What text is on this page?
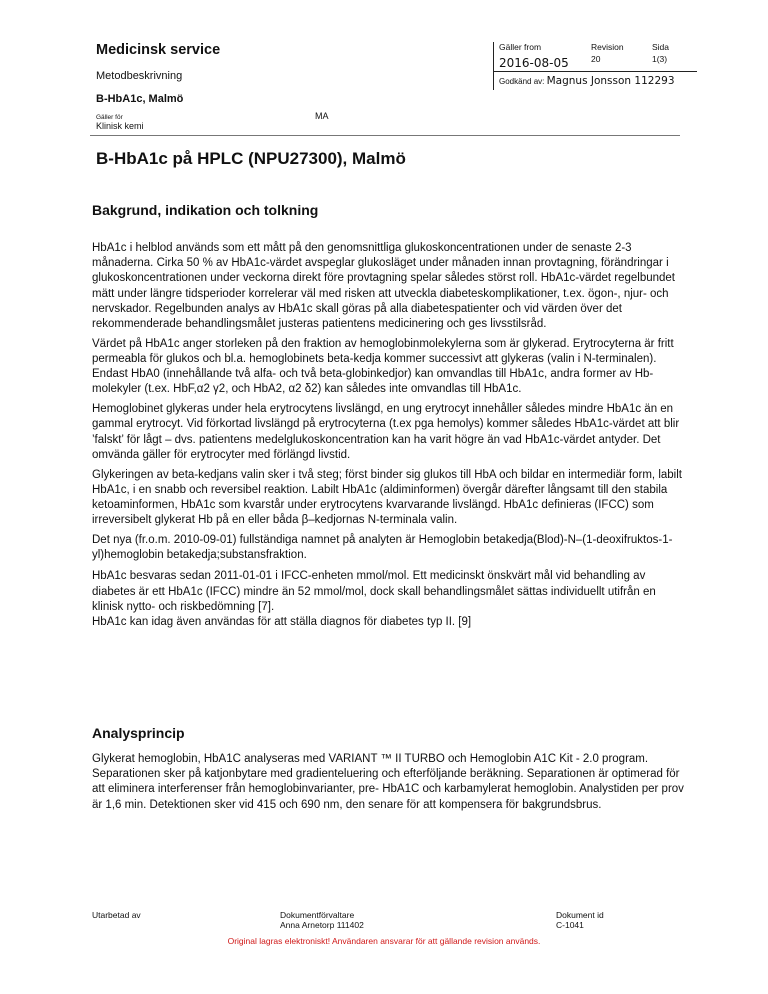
Medicinsk service
Metodbeskrivning
B-HbA1c, Malmö
Gäller för
Klinisk kemi
MA
Gäller from	Revision	Sida
2016-08-05	20	1(3)
Godkänd av: Magnus Jonsson 112293
B-HbA1c på HPLC (NPU27300), Malmö
Bakgrund, indikation och tolkning

HbA1c i helblod används som ett mått på den genomsnittliga glukoskoncentrationen under de senaste 2-3 månaderna. Cirka 50 % av HbA1c-värdet avspeglar glukosläget under månaden innan provtagning, förändringar i glukoskoncentrationen under veckorna direkt före provtagning spelar således störst roll. HbA1c-värdet regelbundet mätt under längre tidsperioder korrelerar väl med risken att utveckla diabeteskomplikationer, t.ex. ögon-, njur- och nervskador. Regelbunden analys av HbA1c skall göras på alla diabetespatienter och vid värden över det rekommenderade behandlingsmålet justeras patientens medicinering och ges livsstilsråd.

Värdet på HbA1c anger storleken på den fraktion av hemoglobinmolekylerna som är glykerad. Erytrocyterna är fritt permeabla för glukos och bl.a. hemoglobinets beta-kedja kommer successivt att glykeras (valin i N-terminalen). Endast HbA0 (innehållande två alfa- och två beta-globinkedjor) kan omvandlas till HbA1c, andra former av Hb-molekyler (t.ex. HbF,α2 γ2, och HbA2, α2 δ2) kan således inte omvandlas till HbA1c.

Hemoglobinet glykeras under hela erytrocytens livslängd, en ung erytrocyt innehåller således mindre HbA1c än en gammal erytrocyt. Vid förkortad livslängd på erytrocyterna (t.ex pga hemolys) kommer således HbA1c-värdet att blir ’falskt’ för lågt – dvs. patientens medelglukoskoncentration kan ha varit högre än vad HbA1c-värdet antyder. Det omvända gäller för erytrocyter med förlängd livstid.

Glykeringen av beta-kedjans valin sker i två steg; först binder sig glukos till HbA och bildar en intermediär form, labilt HbA1c, i en snabb och reversibel reaktion. Labilt HbA1c (aldiminformen) övergår därefter långsamt till den stabila ketoaminformen, HbA1c som kvarstår under erytrocytens kvarvarande livslängd. HbA1c definieras (IFCC) som irreversibelt glykerat Hb på en eller båda β–kedjornas N-terminala valin.

Det nya (fr.o.m. 2010-09-01) fullständiga namnet på analyten är Hemoglobin betakedja(Blod)-N–(1-deoxifruktos-1-yl)hemoglobin betakedja;substansfraktion.

HbA1c besvaras sedan 2011-01-01 i IFCC-enheten mmol/mol. Ett medicinskt önskvärt mål vid behandling av diabetes är ett HbA1c (IFCC) mindre än 52 mmol/mol, dock skall behandlingsmålet sättas individuellt utifrån en klinisk nytto- och riskbedömning [7].

HbA1c kan idag även användas för att ställa diagnos för diabetes typ II. [9]

Analysprincip
Glykerat hemoglobin, HbA1C analyseras med VARIANT ™ II TURBO och Hemoglobin A1C Kit - 2.0 program. Separationen sker på katjonbytare med gradienteluering och efterföljande beräkning. Separationen är optimerad för att eliminera interferenser från hemoglobinvarianter, pre- HbA1C och karbamylerat hemoglobin. Analystiden per prov är 1,6 min. Detektionen sker vid 415 och 690 nm, den senare för att kompensera för bakgrundsbrus.
Utarbetad av	Dokumentförvaltare
Anna Arnetorp 111402
Dokument id
C-1041
Original lagras elektroniskt! Användaren ansvarar för att gällande revision används.
